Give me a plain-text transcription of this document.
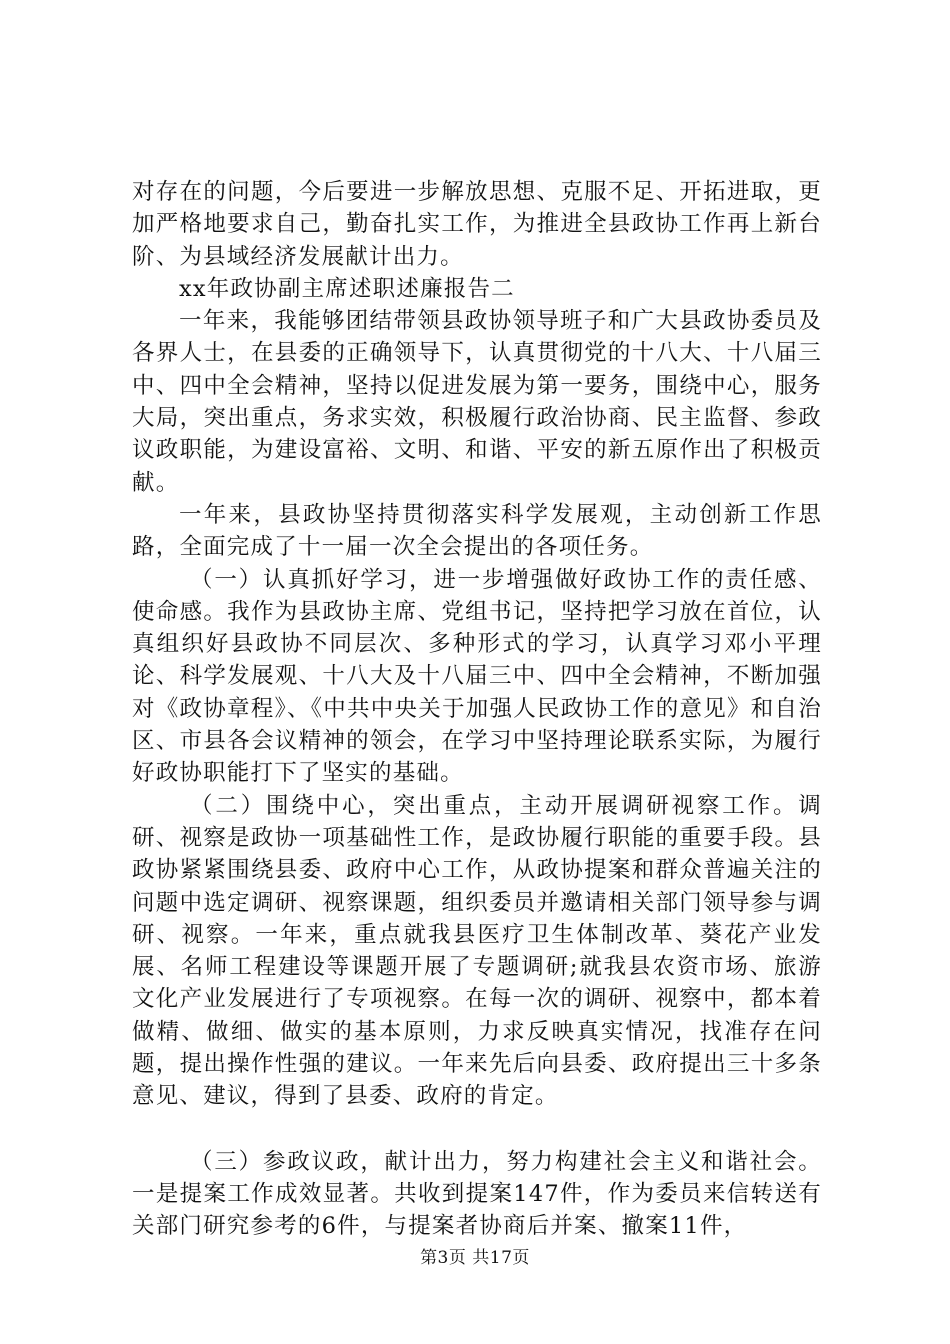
对存在的问题，今后要进一步解放思想、克服不足、开拓进取，更加严格地要求自己，勤奋扎实工作，为推进全县政协工作再上新台阶、为县域经济发展献计出力。

xx年政协副主席述职述廉报告二

一年来，我能够团结带领县政协领导班子和广大县政协委员及各界人士，在县委的正确领导下，认真贯彻党的十八大、十八届三中、四中全会精神，坚持以促进发展为第一要务，围绕中心，服务大局，突出重点，务求实效，积极履行政治协商、民主监督、参政议政职能，为建设富裕、文明、和谐、平安的新五原作出了积极贡献。

一年来，县政协坚持贯彻落实科学发展观，主动创新工作思路，全面完成了十一届一次全会提出的各项任务。

（一）认真抓好学习，进一步增强做好政协工作的责任感、使命感。我作为县政协主席、党组书记，坚持把学习放在首位，认真组织好县政协不同层次、多种形式的学习，认真学习邓小平理论、科学发展观、十八大及十八届三中、四中全会精神，不断加强对《政协章程》、《中共中央关于加强人民政协工作的意见》和自治区、市县各会议精神的领会，在学习中坚持理论联系实际，为履行好政协职能打下了坚实的基础。

（二）围绕中心，突出重点，主动开展调研视察工作。调研、视察是政协一项基础性工作，是政协履行职能的重要手段。县政协紧紧围绕县委、政府中心工作，从政协提案和群众普遍关注的问题中选定调研、视察课题，组织委员并邀请相关部门领导参与调研、视察。一年来，重点就我县医疗卫生体制改革、葵花产业发展、名师工程建设等课题开展了专题调研;就我县农资市场、旅游文化产业发展进行了专项视察。在每一次的调研、视察中，都本着做精、做细、做实的基本原则，力求反映真实情况，找准存在问题，提出操作性强的建议。一年来先后向县委、政府提出三十多条意见、建议，得到了县委、政府的肯定。

（三）参政议政，献计出力，努力构建社会主义和谐社会。一是提案工作成效显著。共收到提案147件，作为委员来信转送有关部门研究参考的6件，与提案者协商后并案、撤案11件，

第3页 共17页
